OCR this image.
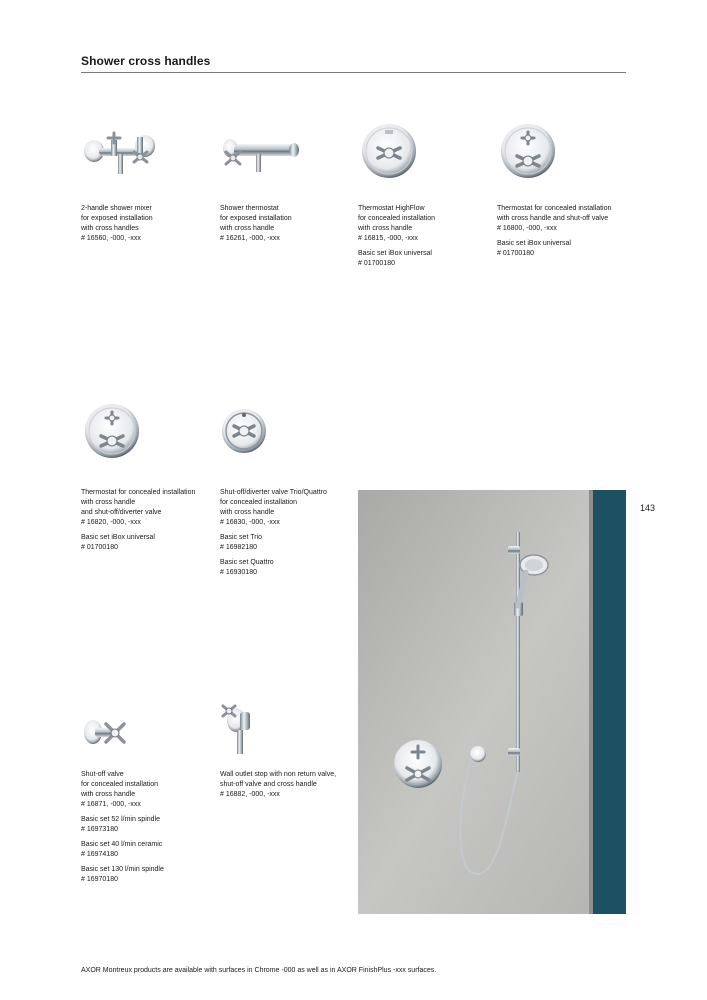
Shower cross handles

2-handle shower mixer

for exposed installation

with cross handles

# 16560, -000, -xxx

Shower thermostat

for exposed installation

with cross handle

# 16261, -000, -xxx

Thermostat HighFlow

for concealed installation

with cross handle

# 16815, -000, -xxx

Basic set iBox universal

# 01700180

Thermostat for concealed installation

with cross handle and shut-off valve

# 16800, -000, -xxx

Basic set iBox universal

# 01700180

Thermostat for concealed installation

with cross handle

and shut-off/diverter valve

# 16820, -000, -xxx

Basic set iBox universal

# 01700180

Shut-off/diverter valve Trio/Quattro

for concealed installation

with cross handle

# 16830, -000, -xxx

Basic set Trio

# 16982180

Basic set Quattro

# 16930180

Shut-off valve

for concealed installation

with cross handle

# 16871, -000, -xxx

Basic set 52 l/min spindle

# 16973180

Basic set 40 l/min ceramic

# 16974180

Basic set 130 l/min spindle

# 16970180

Wall outlet stop with non return valve,

shut-off valve and cross handle

# 16882, -000, -xxx

143
AXOR Montreux products are available with surfaces in Chrome -000 as well as in AXOR FinishPlus -xxx surfaces.
